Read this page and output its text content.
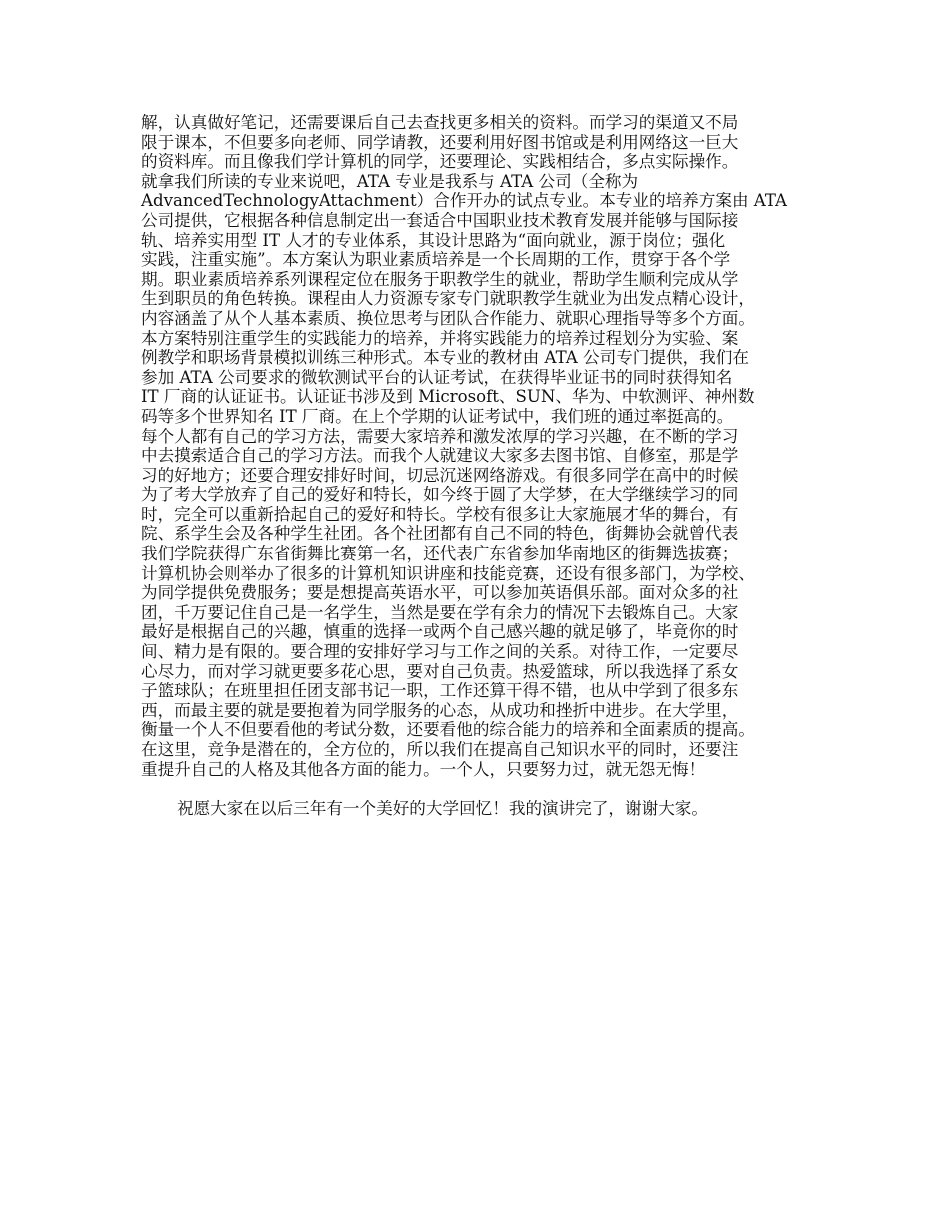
解，认真做好笔记，还需要课后自己去查找更多相关的资料。而学习的渠道又不局
限于课本，不但要多向老师、同学请教，还要利用好图书馆或是利用网络这一巨大
的资料库。而且像我们学计算机的同学，还要理论、实践相结合，多点实际操作。
就拿我们所读的专业来说吧，ATA 专业是我系与 ATA 公司（全称为
AdvancedTechnologyAttachment）合作开办的试点专业。本专业的培养方案由 ATA
公司提供，它根据各种信息制定出一套适合中国职业技术教育发展并能够与国际接
轨、培养实用型 IT 人才的专业体系，其设计思路为“面向就业，源于岗位；强化
实践，注重实施”。本方案认为职业素质培养是一个长周期的工作，贯穿于各个学
期。职业素质培养系列课程定位在服务于职教学生的就业，帮助学生顺利完成从学
生到职员的角色转换。课程由人力资源专家专门就职教学生就业为出发点精心设计，
内容涵盖了从个人基本素质、换位思考与团队合作能力、就职心理指导等多个方面。
本方案特别注重学生的实践能力的培养，并将实践能力的培养过程划分为实验、案
例教学和职场背景模拟训练三种形式。本专业的教材由 ATA 公司专门提供，我们在
参加 ATA 公司要求的微软测试平台的认证考试，在获得毕业证书的同时获得知名
IT 厂商的认证证书。认证证书涉及到 Microsoft、SUN、华为、中软测评、神州数
码等多个世界知名 IT 厂商。在上个学期的认证考试中，我们班的通过率挺高的。
每个人都有自己的学习方法，需要大家培养和激发浓厚的学习兴趣，在不断的学习
中去摸索适合自己的学习方法。而我个人就建议大家多去图书馆、自修室，那是学
习的好地方；还要合理安排好时间，切忌沉迷网络游戏。有很多同学在高中的时候
为了考大学放弃了自己的爱好和特长，如今终于圆了大学梦，在大学继续学习的同
时，完全可以重新拾起自己的爱好和特长。学校有很多让大家施展才华的舞台，有
院、系学生会及各种学生社团。各个社团都有自己不同的特色，街舞协会就曾代表
我们学院获得广东省街舞比赛第一名，还代表广东省参加华南地区的街舞选拔赛；
计算机协会则举办了很多的计算机知识讲座和技能竞赛，还设有很多部门，为学校、
为同学提供免费服务；要是想提高英语水平，可以参加英语俱乐部。面对众多的社
团，千万要记住自己是一名学生，当然是要在学有余力的情况下去锻炼自己。大家
最好是根据自己的兴趣，慎重的选择一或两个自己感兴趣的就足够了，毕竟你的时
间、精力是有限的。要合理的安排好学习与工作之间的关系。对待工作，一定要尽
心尽力，而对学习就更要多花心思，要对自己负责。热爱篮球，所以我选择了系女
子篮球队；在班里担任团支部书记一职，工作还算干得不错，也从中学到了很多东
西，而最主要的就是要抱着为同学服务的心态，从成功和挫折中进步。在大学里，
衡量一个人不但要看他的考试分数，还要看他的综合能力的培养和全面素质的提高。
在这里，竞争是潜在的，全方位的，所以我们在提高自己知识水平的同时，还要注
重提升自己的人格及其他各方面的能力。一个人，只要努力过，就无怨无悔！
祝愿大家在以后三年有一个美好的大学回忆！我的演讲完了，谢谢大家。
